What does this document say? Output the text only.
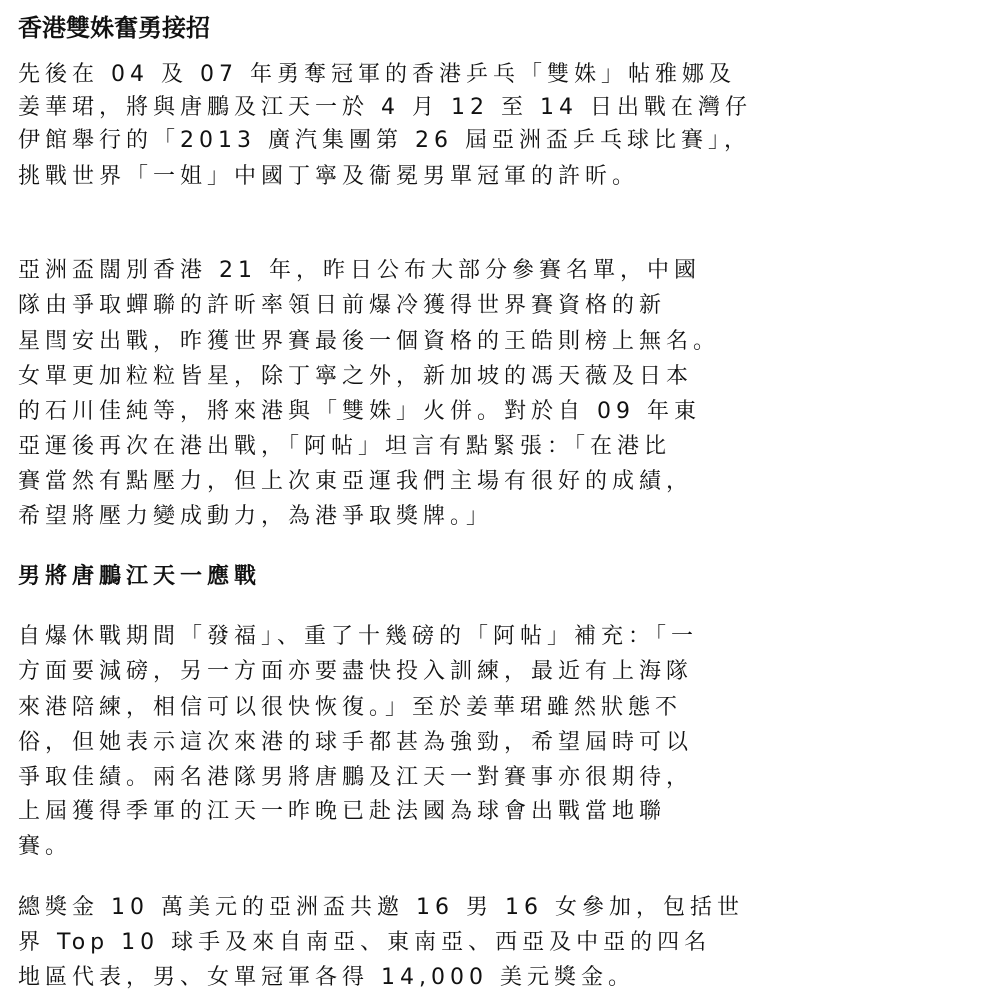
香港雙姝奮勇接招

先後在 04 及 07 年勇奪冠軍的香港乒乓「雙姝」帖雅娜及

姜華珺，將與唐鵬及江天一於 4 月 12 至 14 日出戰在灣仔

伊館舉行的「2013 廣汽集團第 26 屆亞洲盃乒乓球比賽」，

挑戰世界「一姐」中國丁寧及衞冕男單冠軍的許昕。

亞洲盃闊別香港 21 年，昨日公布大部分參賽名單，中國

隊由爭取蟬聯的許昕率領日前爆冷獲得世界賽資格的新

星閆安出戰，昨獲世界賽最後一個資格的王皓則榜上無名。

女單更加粒粒皆星，除丁寧之外，新加坡的馮天薇及日本

的石川佳純等，將來港與「雙姝」火併。對於自 09 年東

亞運後再次在港出戰，「阿帖」坦言有點緊張：「在港比

賽當然有點壓力，但上次東亞運我們主場有很好的成績，

希望將壓力變成動力，為港爭取獎牌。」

男將唐鵬江天一應戰

自爆休戰期間「發福」、重了十幾磅的「阿帖」補充：「一

方面要減磅，另一方面亦要盡快投入訓練，最近有上海隊

來港陪練，相信可以很快恢復。」至於姜華珺雖然狀態不

俗，但她表示這次來港的球手都甚為強勁，希望屆時可以

爭取佳績。兩名港隊男將唐鵬及江天一對賽事亦很期待，

上屆獲得季軍的江天一昨晚已赴法國為球會出戰當地聯

賽。

總獎金 10 萬美元的亞洲盃共邀 16 男 16 女參加，包括世

界 Top 10 球手及來自南亞、東南亞、西亞及中亞的四名

地區代表，男、女單冠軍各得 14,000 美元獎金。
